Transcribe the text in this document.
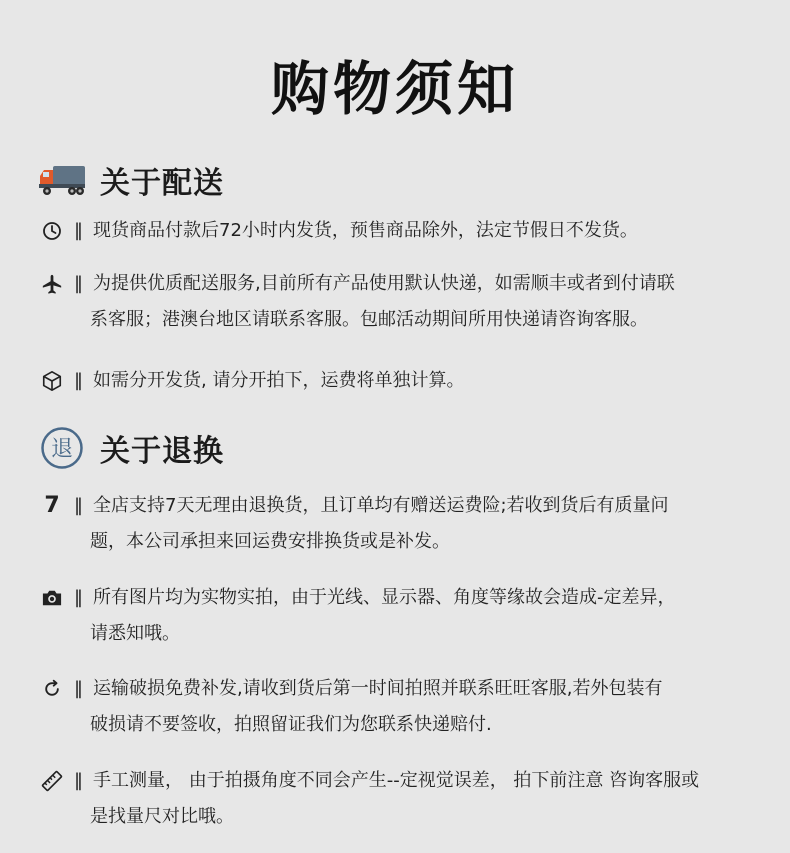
购物须知
关于配送
‖ 现货商品付款后72小时内发货，预售商品除外，法定节假日不发货。
‖ 为提供优质配送服务,目前所有产品使用默认快递，如需顺丰或者到付请联
系客服；港澳台地区请联系客服。包邮活动期间所用快递请咨询客服。
‖ 如需分开发货, 请分开拍下，运费将单独计算。
退 关于退换
7 ‖ 全店支持7天无理由退换货，且订单均有赠送运费险;若收到货后有质量问
题，本公司承担来回运费安排换货或是补发。
‖ 所有图片均为实物实拍，由于光线、显示器、角度等缘故会造成-定差异，
请悉知哦。
‖ 运输破损免费补发,请收到货后第一时间拍照并联系旺旺客服,若外包装有
破损请不要签收，拍照留证我们为您联系快递赔付.
‖ 手工测量， 由于拍摄角度不同会产生--定视觉误差， 拍下前注意 咨询客服或
是找量尺对比哦。
